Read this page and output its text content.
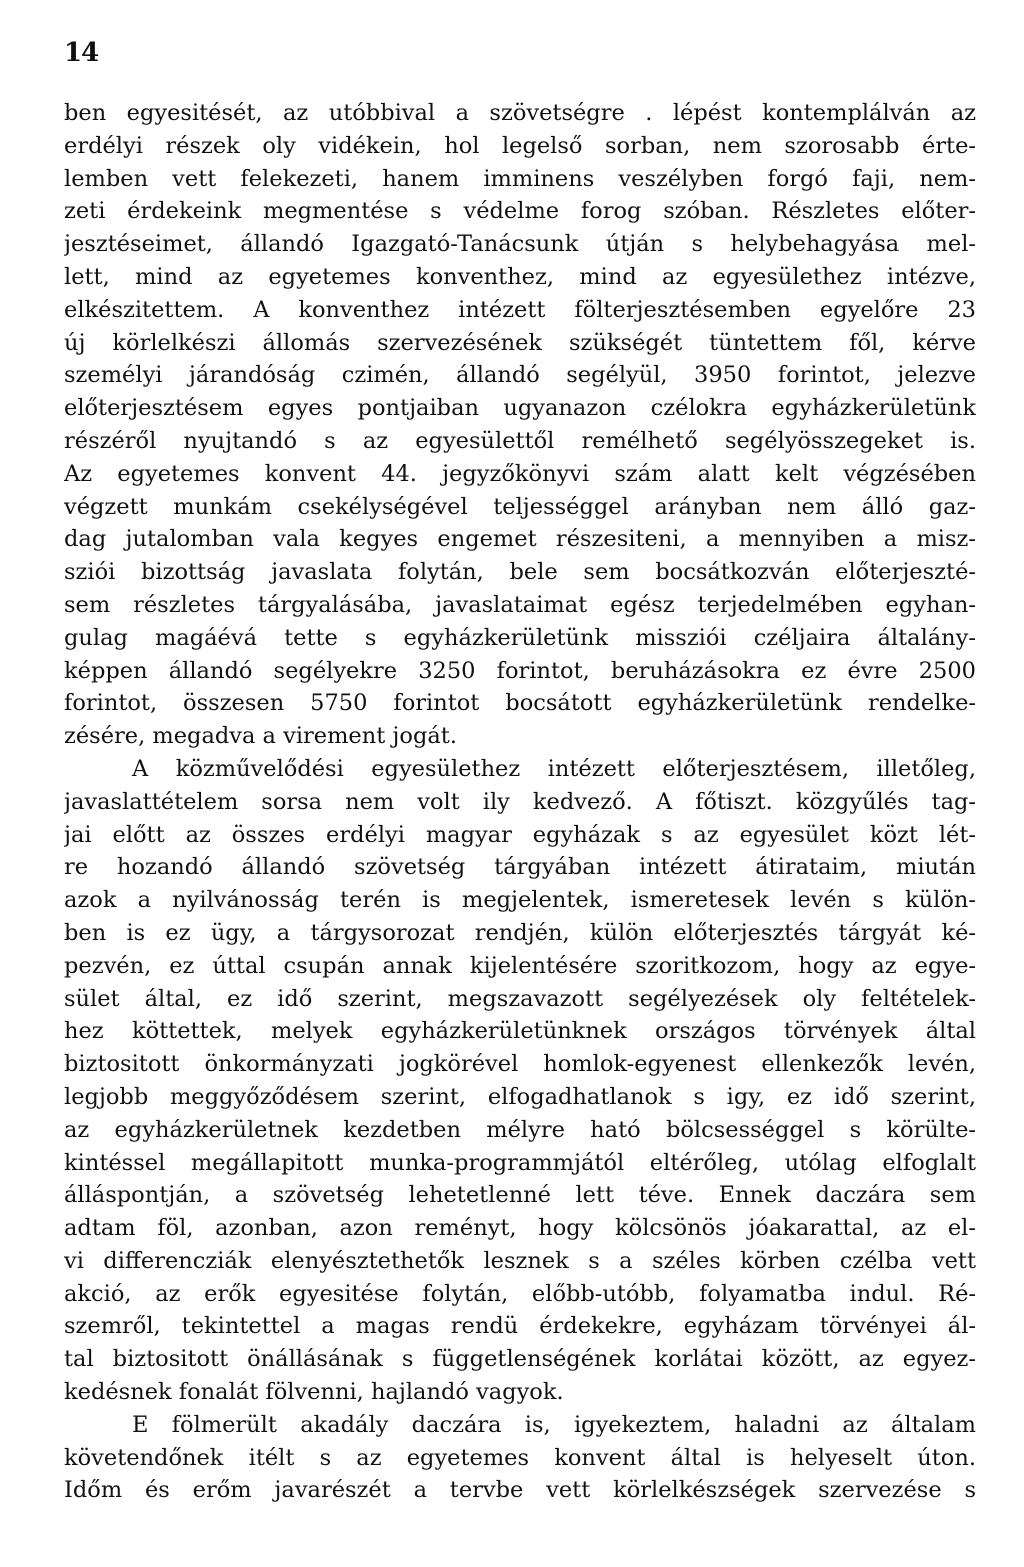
14
ben egyesitését, az utóbbival a szövetségre . lépést kontemplálván az
erdélyi részek oly vidékein, hol legelső sorban, nem szorosabb érte-
lemben vett felekezeti, hanem imminens veszélyben forgó faji, nem-
zeti érdekeink megmentése s védelme forog szóban. Részletes előter-
jesztéseimet, állandó Igazgató-Tanácsunk útján s helybehagyása mel-
lett, mind az egyetemes konventhez, mind az egyesülethez intézve,
elkészitettem. A konventhez intézett fölterjesztésemben egyelőre 23
új körlelkészi állomás szervezésének szükségét tüntettem fől, kérve
személyi járandóság czimén, állandó segélyül, 3950 forintot, jelezve
előterjesztésem egyes pontjaiban ugyanazon czélokra egyházkerületünk
részéről nyujtandó s az egyesülettől remélhető segélyösszegeket is.
Az egyetemes konvent 44. jegyzőkönyvi szám alatt kelt végzésében
végzett munkám csekélységével teljességgel arányban nem álló gaz-
dag jutalomban vala kegyes engemet részesiteni, a mennyiben a misz-
sziói bizottság javaslata folytán, bele sem bocsátkozván előterjeszté-
sem részletes tárgyalásába, javaslataimat egész terjedelmében egyhan-
gulag magáévá tette s egyházkerületünk missziói czéljaira általány-
képpen állandó segélyekre 3250 forintot, beruházásokra ez évre 2500
forintot, összesen 5750 forintot bocsátott egyházkerületünk rendelke-
zésére, megadva a virement jogát.
A közművelődési egyesülethez intézett előterjesztésem, illetőleg,
javaslattételem sorsa nem volt ily kedvező. A főtiszt. közgyűlés tag-
jai előtt az összes erdélyi magyar egyházak s az egyesület közt lét-
re hozandó állandó szövetség tárgyában intézett átirataim, miután
azok a nyilvánosság terén is megjelentek, ismeretesek levén s külön-
ben is ez ügy, a tárgysorozat rendjén, külön előterjesztés tárgyát ké-
pezvén, ez úttal csupán annak kijelentésére szoritkozom, hogy az egye-
sület által, ez idő szerint, megszavazott segélyezések oly feltételek-
hez köttettek, melyek egyházkerületünknek országos törvények által
biztositott önkormányzati jogkörével homlok-egyenest ellenkezők levén,
legjobb meggyőződésem szerint, elfogadhatlanok s igy, ez idő szerint,
az egyházkerületnek kezdetben mélyre ható bölcsességgel s körülte-
kintéssel megállapitott munka-programmjától eltérőleg, utólag elfoglalt
álláspontján, a szövetség lehetetlenné lett téve. Ennek daczára sem
adtam föl, azonban, azon reményt, hogy kölcsönös jóakarattal, az el-
vi differencziák elenyésztethetők lesznek s a széles körben czélba vett
akció, az erők egyesitése folytán, előbb-utóbb, folyamatba indul. Ré-
szemről, tekintettel a magas rendü érdekekre, egyházam törvényei ál-
tal biztositott önállásának s függetlenségének korlátai között, az egyez-
kedésnek fonalát fölvenni, hajlandó vagyok.
E fölmerült akadály daczára is, igyekeztem, haladni az általam
követendőnek itélt s az egyetemes konvent által is helyeselt úton.
Időm és erőm javarészét a tervbe vett körlelkészségek szervezése s
